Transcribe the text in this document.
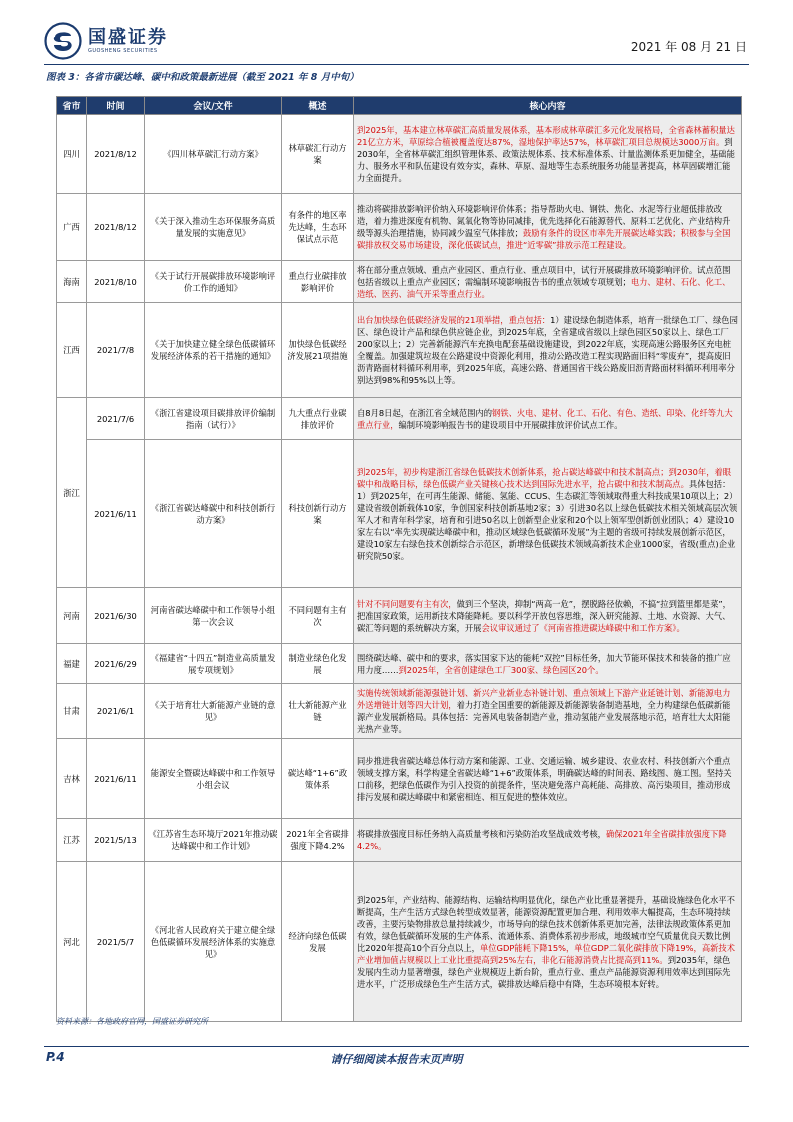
国盛证券
GUOSHENG SECURITIES	2021 年 08 月 21 日
图表 3：各省市碳达峰、碳中和政策最新进展（截至 2021 年 8 月中旬）
省市	时间	会议/文件	概述	核心内容
四川	2021/8/12	《四川林草碳汇行动方案》	林草碳汇行动方案	到2025年，基本建立林草碳汇高质量发展体系，基本形成林草碳汇多元化发展格局，全省森林蓄积量达21亿立方米，草原综合植被覆盖度达87%，湿地保护率达57%，林草碳汇项目总规模达3000万亩。到2030年，全省林草碳汇组织管理体系、政策法规体系、技术标准体系、计量监测体系更加健全，基础能力、服务水平和队伍建设有效夯实，森林、草原、湿地等生态系统服务功能显著提高，林草固碳增汇能力全面提升。
广西	2021/8/12	《关于深入推动生态环保服务高质量发展的实施意见》	有条件的地区率先达峰，生态环保试点示范	推动将碳排放影响评价纳入环境影响评价体系；指导帮助火电、钢铁、焦化、水泥等行业超低排放改造，着力推进深度有机物、氮氧化物等协同减排，优先选择化石能源替代、原料工艺优化、产业结构升级等源头治理措施，协同减少温室气体排放；鼓励有条件的设区市率先开展碳达峰实践；积极参与全国碳排放权交易市场建设，深化低碳试点，推进“近零碳”排放示范工程建设。
海南	2021/8/10	《关于试行开展碳排放环境影响评价工作的通知》	重点行业碳排放影响评价	将在部分重点领域、重点产业园区、重点行业、重点项目中，试行开展碳排放环境影响评价。试点范围包括省级以上重点产业园区；需编制环境影响报告书的重点领域专项规划；电力、建材、石化、化工、造纸、医药、油气开采等重点行业。
江西	2021/7/8	《关于加快建立健全绿色低碳循环发展经济体系的若干措施的通知》	加快绿色低碳经济发展21项措施	出台加快绿色低碳经济发展的21项举措，重点包括：1）建设绿色制造体系，培育一批绿色工厂、绿色园区、绿色设计产品和绿色供应链企业，到2025年底，全省建成省级以上绿色园区50家以上、绿色工厂200家以上；2）完善新能源汽车充换电配套基础设施建设，到2022年底，实现高速公路服务区充电桩全覆盖。加强建筑垃圾在公路建设中资源化利用，推动公路改造工程实现路面旧料“零废弃”，提高废旧沥青路面材料循环利用率，到2025年底，高速公路、普通国省干线公路废旧沥青路面材料循环利用率分别达到98%和95%以上等。
浙江	2021/7/6	《浙江省建设项目碳排放评价编制指南（试行）》	九大重点行业碳排放评价	自8月8日起，在浙江省全域范围内的钢铁、火电、建材、化工、石化、有色、造纸、印染、化纤等九大重点行业，编制环境影响报告书的建设项目中开展碳排放评价试点工作。
	2021/6/11	《浙江省碳达峰碳中和科技创新行动方案》	科技创新行动方案	到2025年，初步构建浙江省绿色低碳技术创新体系，抢占碳达峰碳中和技术制高点；到2030年，着眼碳中和战略目标，绿色低碳产业关键核心技术达到国际先进水平，抢占碳中和技术制高点。具体包括：1）到2025年，在可再生能源、储能、氢能、CCUS、生态碳汇等领域取得重大科技成果10项以上；2）建设省级创新载体10家，争创国家科技创新基地2家；3）引进30名以上绿色低碳技术相关领域高层次领军人才和青年科学家，培育和引进50名以上创新型企业家和20个以上领军型创新创业团队；4）建设10家左右以“率先实现碳达峰碳中和，推动区域绿色低碳循环发展”为主题的省级可持续发展创新示范区，建设10家左右绿色技术创新综合示范区，新增绿色低碳技术领域高新技术企业1000家，省级(重点)企业研究院50家。
河南	2021/6/30	河南省碳达峰碳中和工作领导小组第一次会议	不同问题有主有次	针对不同问题要有主有次，做到三个坚决，抑制“两高一危”，摆脱路径依赖，不搞“拉到篮里都是菜”，把准国家政策，运用新技术降能降耗。要以科学开放包容思维，深入研究能源、土地、水资源、大气、碳汇等问题的系统解决方案，开展会议审议通过了《河南省推进碳达峰碳中和工作方案》。
福建	2021/6/29	《福建省“十四五”制造业高质量发展专项规划》	制造业绿色化发展	围绕碳达峰、碳中和的要求，落实国家下达的能耗“双控”目标任务，加大节能环保技术和装备的推广应用力度……到2025年，全省创建绿色工厂300家、绿色园区20个。
甘肃	2021/6/1	《关于培育壮大新能源产业链的意见》	壮大新能源产业链	实施传统领域新能源强链计划、新兴产业新业态补链计划、重点领域上下游产业延链计划、新能源电力外送增链计划等四大计划，着力打造全国重要的新能源及新能源装备制造基地，全力构建绿色低碳新能源产业发展新格局。具体包括：完善风电装备制造产业，推动氢能产业发展落地示范，培育壮大太阳能光热产业等。
吉林	2021/6/11	能源安全暨碳达峰碳中和工作领导小组会议	碳达峰“1+6”政策体系	同步推进我省碳达峰总体行动方案和能源、工业、交通运输、城乡建设、农业农村、科技创新六个重点领域支撑方案，科学构建全省碳达峰“1+6”政策体系，明确碳达峰的时间表、路线图、施工图。坚持关口前移，把绿色低碳作为引入投资的前提条件，坚决避免落户高耗能、高排放、高污染项目，推动形成排污发展和碳达峰碳中和紧密相连、相互促进的整体效应。
江苏	2021/5/13	《江苏省生态环境厅2021年推动碳达峰碳中和工作计划》	2021年全省碳排强度下降4.2%	将碳排放强度目标任务纳入高质量考核和污染防治攻坚战成效考核，确保2021年全省碳排放强度下降4.2%。
河北	2021/5/7	《河北省人民政府关于建立健全绿色低碳循环发展经济体系的实施意见》	经济向绿色低碳发展	到2025年，产业结构、能源结构、运输结构明显优化，绿色产业比重显著提升，基础设施绿色化水平不断提高，生产生活方式绿色转型成效显著，能源资源配置更加合理、利用效率大幅提高，生态环境持续改善，主要污染物排放总量持续减少，市场导向的绿色技术创新体系更加完善，法律法规政策体系更加有效，绿色低碳循环发展的生产体系、流通体系、消费体系初步形成，地级城市空气质量优良天数比例比2020年提高10个百分点以上，单位GDP能耗下降15%，单位GDP二氧化碳排放下降19%，高新技术产业增加值占规模以上工业比重提高到25%左右，非化石能源消费占比提高到11%。到2035年，绿色发展内生动力显著增强，绿色产业规模迈上新台阶，重点行业、重点产品能源资源利用效率达到国际先进水平，广泛形成绿色生产生活方式，碳排放达峰后稳中有降，生态环境根本好转。
资料来源：各地政府官网，国盛证券研究所
P.4	请仔细阅读本报告末页声明
